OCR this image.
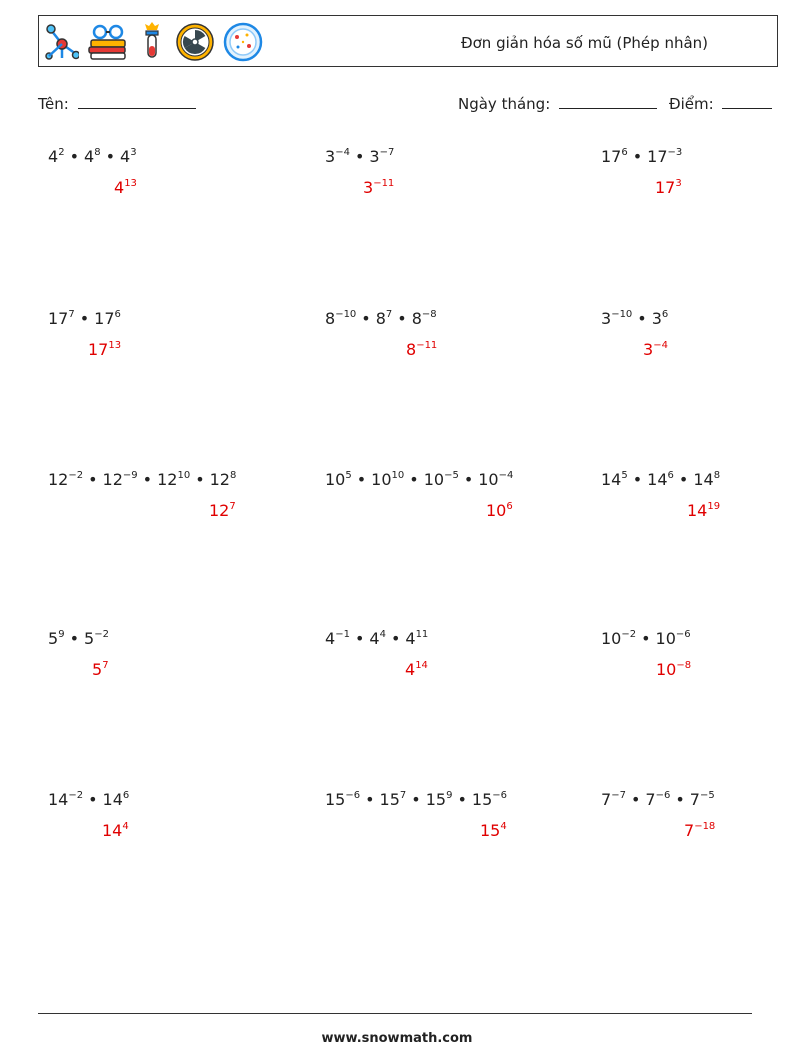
Đơn giản hóa số mũ (Phép nhân)
Tên:	Ngày tháng:	Điểm:
$4^2$ • $4^8$ • $4^3$
$4^{13}$
$3^{-4}$ • $3^{-7}$
$3^{-11}$
$17^6$ • $17^{-3}$
$17^3$
$17^7$ • $17^6$
$17^{13}$
$8^{-10}$ • $8^7$ • $8^{-8}$
$8^{-11}$
$3^{-10}$ • $3^6$
$3^{-4}$
$12^{-2}$ • $12^{-9}$ • $12^{10}$ • $12^8$
$12^7$
$10^5$ • $10^{10}$ • $10^{-5}$ • $10^{-4}$
$10^6$
$14^5$ • $14^6$ • $14^8$
$14^{19}$
$5^9$ • $5^{-2}$
$5^7$
$4^{-1}$ • $4^4$ • $4^{11}$
$4^{14}$
$10^{-2}$ • $10^{-6}$
$10^{-8}$
$14^{-2}$ • $14^6$
$14^4$
$15^{-6}$ • $15^7$ • $15^9$ • $15^{-6}$
$15^4$
$7^{-7}$ • $7^{-6}$ • $7^{-5}$
$7^{-18}$
www.snowmath.com
